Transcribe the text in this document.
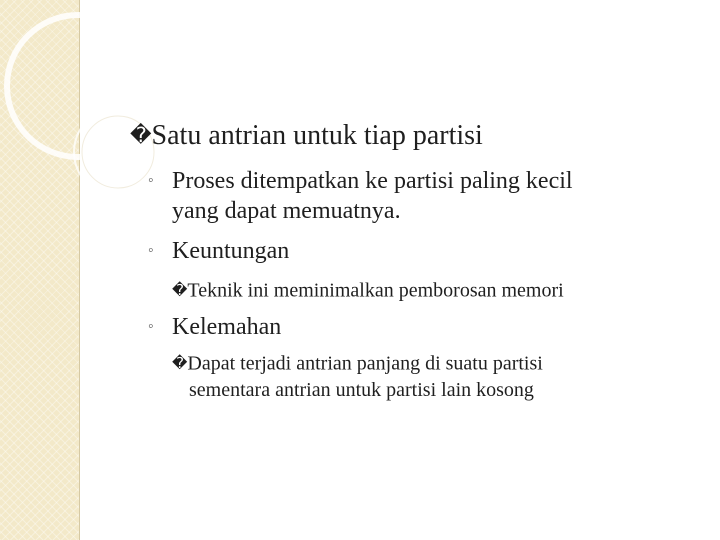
�Satu antrian untuk tiap partisi
◦ Proses ditempatkan ke partisi paling kecil
yang dapat memuatnya.
◦ Keuntungan
�Teknik ini meminimalkan pemborosan memori
◦ Kelemahan
�Dapat terjadi antrian panjang di suatu partisi
sementara antrian untuk partisi lain kosong
